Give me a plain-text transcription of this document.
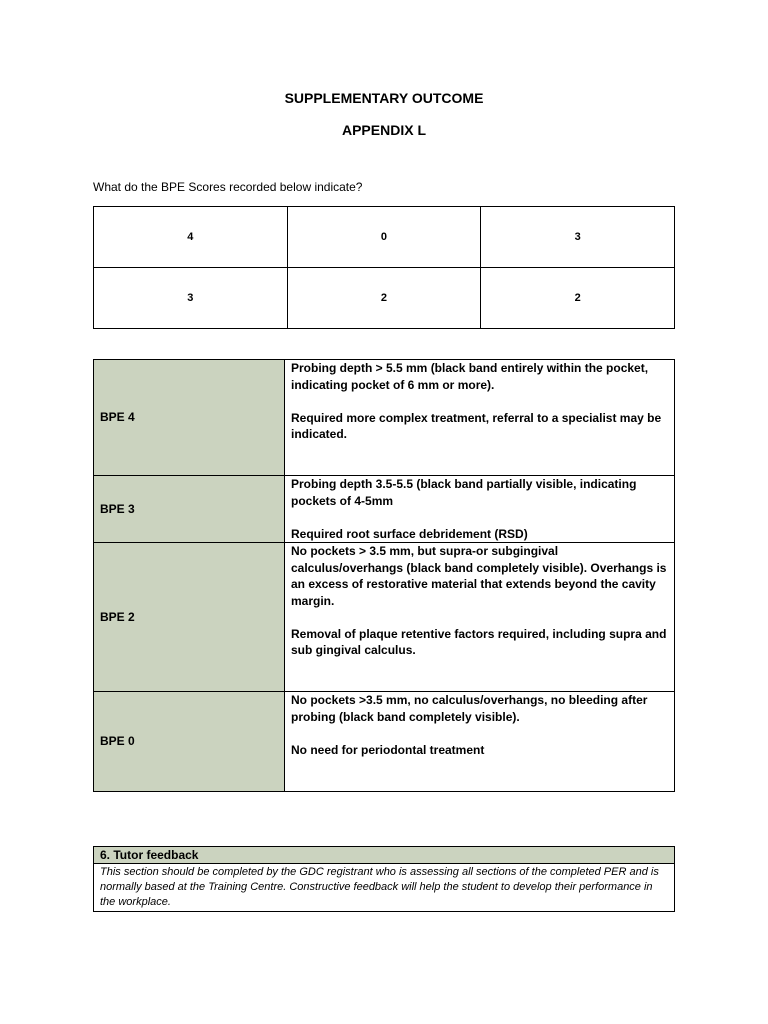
SUPPLEMENTARY OUTCOME
APPENDIX L
What do the BPE Scores recorded below indicate?
4	0	3
3	2	2
BPE 4	Probing depth > 5.5 mm (black band entirely within the pocket, indicating pocket of 6 mm or more).

Required more complex treatment, referral to a specialist may be indicated.

BPE 3	Probing depth 3.5-5.5 (black band partially visible, indicating pockets of 4-5mm

Required root surface debridement (RSD)

BPE 2	No pockets > 3.5 mm, but supra-or subgingival calculus/overhangs (black band completely visible). Overhangs is an excess of restorative material that extends beyond the cavity margin.

Removal of plaque retentive factors required, including supra and sub gingival calculus.

BPE 0	No pockets >3.5 mm, no calculus/overhangs, no bleeding after probing (black band completely visible).

No need for periodontal treatment

6. Tutor feedback
This section should be completed by the GDC registrant who is assessing all sections of the completed PER and is normally based at the Training Centre. Constructive feedback will help the student to develop their performance in the workplace.
